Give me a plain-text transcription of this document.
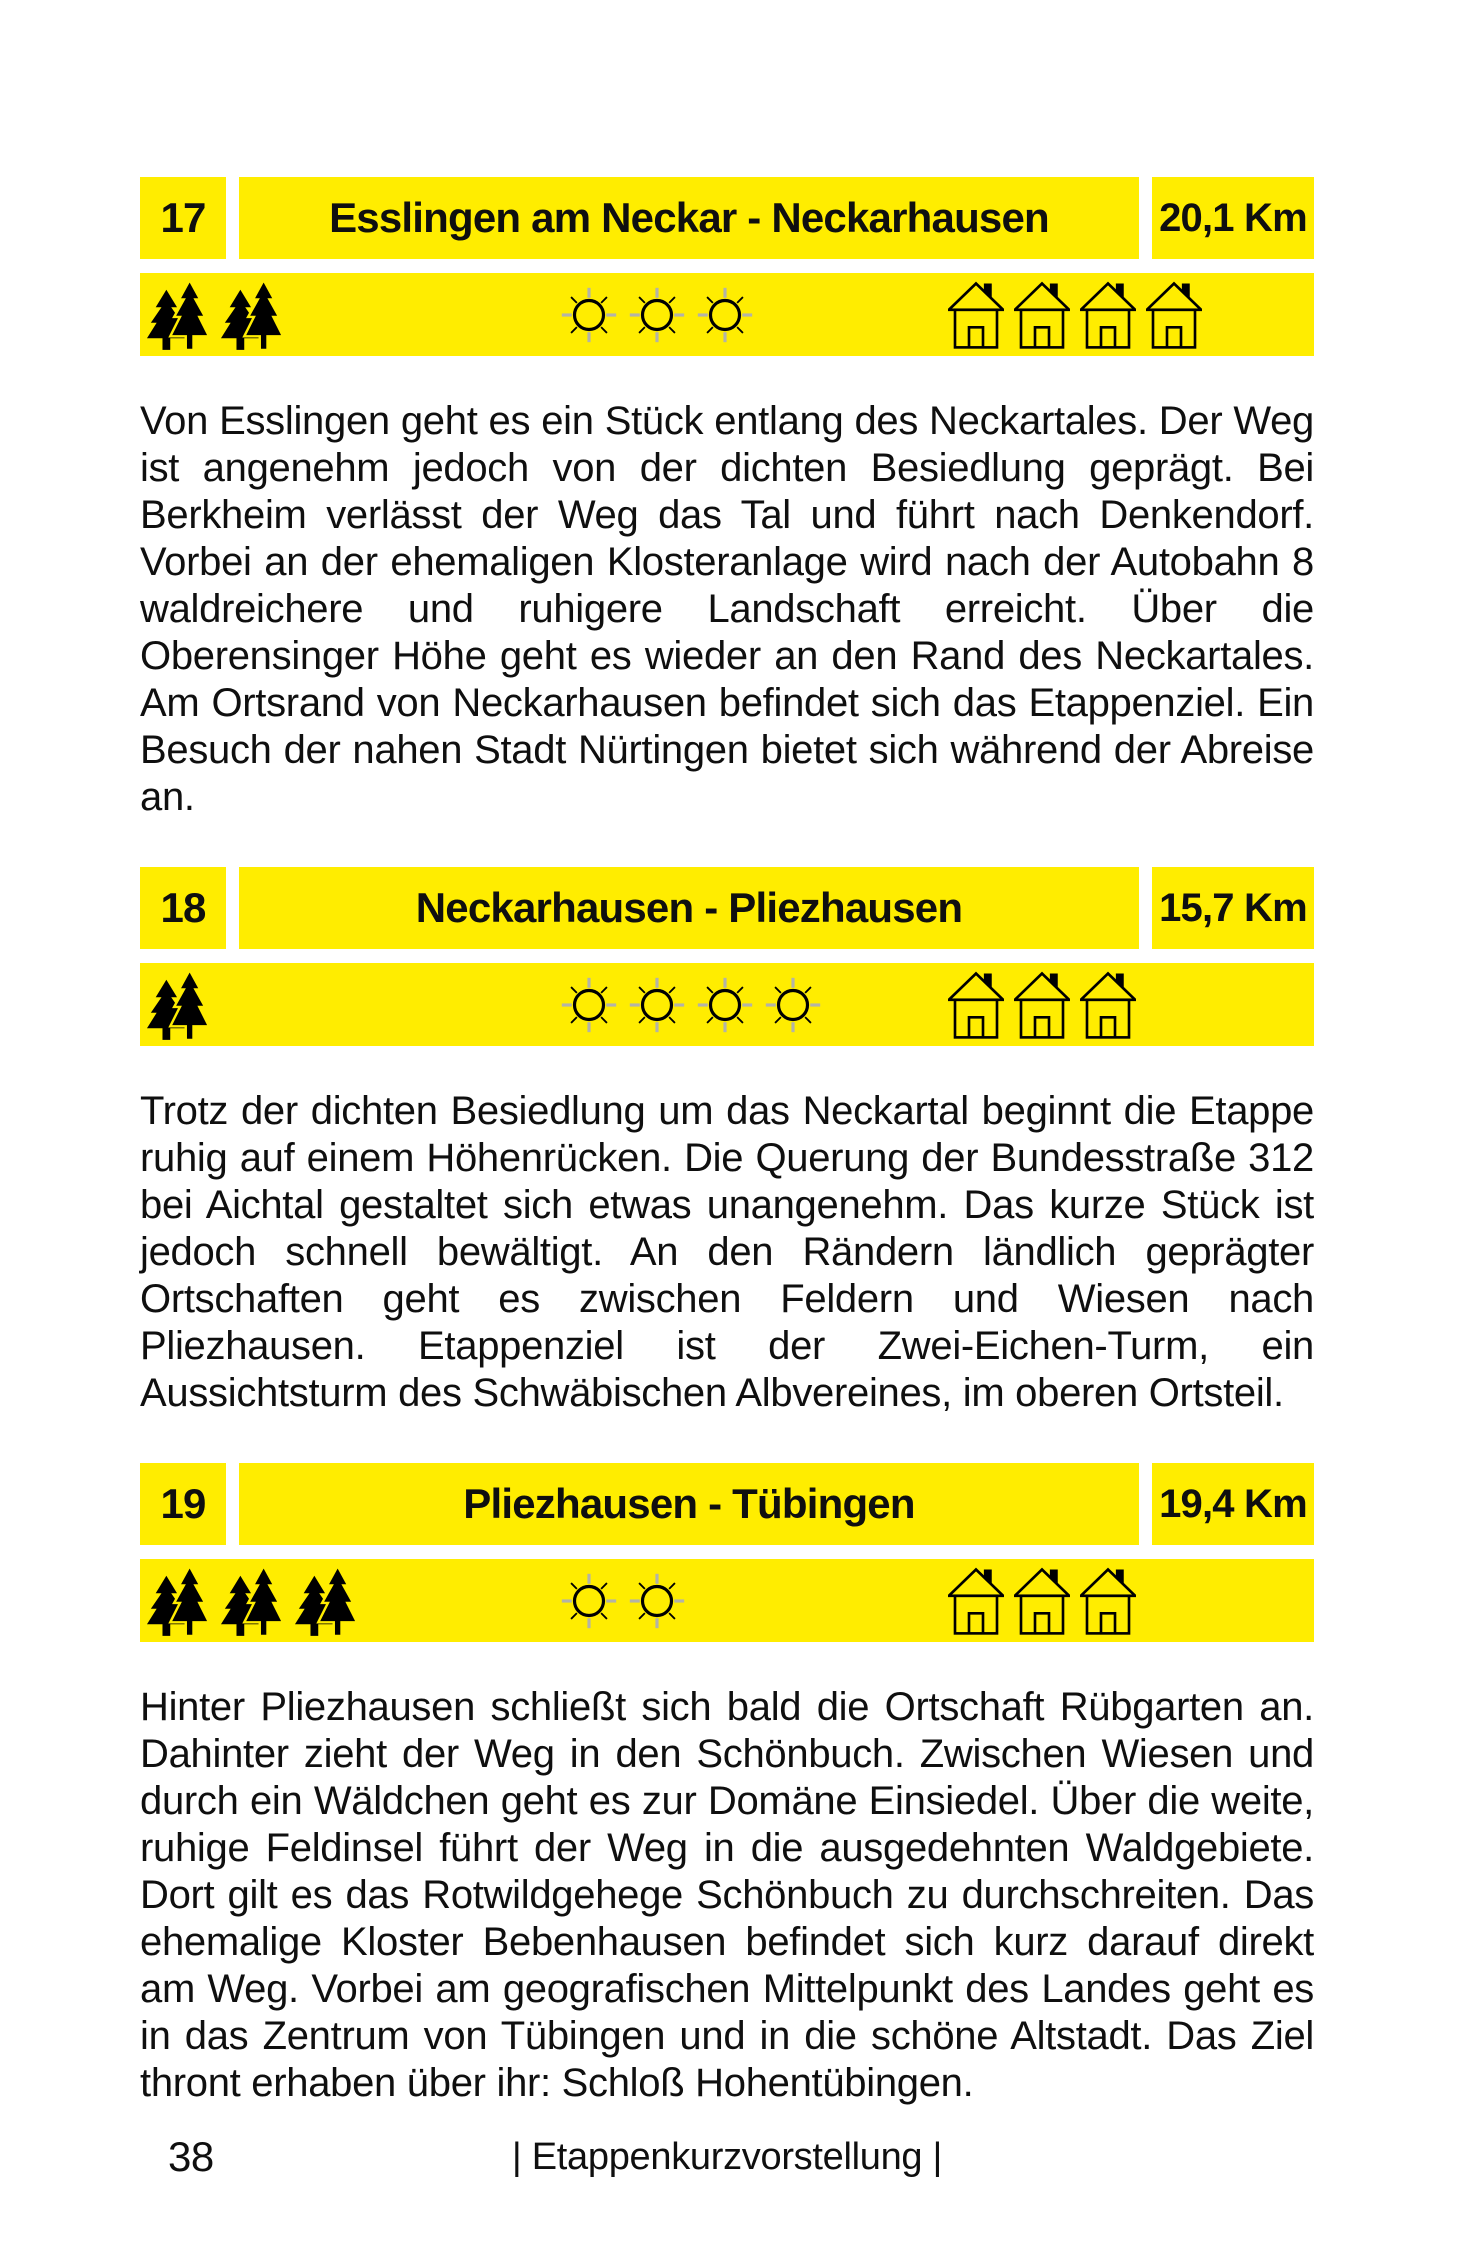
17	Esslingen am Neckar - Neckarhausen	20,1 Km

Von Esslingen geht es ein Stück entlang des Neckartales. Der Weg ist angenehm jedoch von der dichten Besiedlung geprägt. Bei Berkheim verlässt der Weg das Tal und führt nach Denkendorf. Vorbei an der ehemaligen Klosteranlage wird nach der Autobahn 8 waldreichere und ruhigere Landschaft erreicht. Über die Oberensinger Höhe geht es wieder an den Rand des Neckartales. Am Ortsrand von Neckarhausen befindet sich das Etappenziel. Ein Besuch der nahen Stadt Nürtingen bietet sich während der Abreise an.

18	Neckarhausen - Pliezhausen	15,7 Km

Trotz der dichten Besiedlung um das Neckartal beginnt die Etappe ruhig auf einem Höhenrücken. Die Querung der Bundesstraße 312 bei Aichtal gestaltet sich etwas unangenehm. Das kurze Stück ist jedoch schnell bewältigt. An den Rändern ländlich geprägter Ortschaften geht es zwischen Feldern und Wiesen nach Pliezhausen. Etappenziel ist der Zwei-Eichen-Turm, ein Aussichtsturm des Schwäbischen Albvereines, im oberen Ortsteil.

19	Pliezhausen - Tübingen	19,4 Km

Hinter Pliezhausen schließt sich bald die Ortschaft Rübgarten an. Dahinter zieht der Weg in den Schönbuch. Zwischen Wiesen und durch ein Wäldchen geht es zur Domäne Einsiedel. Über die weite, ruhige Feldinsel führt der Weg in die ausgedehnten Waldgebiete. Dort gilt es das Rotwildgehege Schönbuch zu durchschreiten. Das ehemalige Kloster Bebenhausen befindet sich kurz darauf direkt am Weg. Vorbei am geografischen Mittelpunkt des Landes geht es in das Zentrum von Tübingen und in die schöne Altstadt. Das Ziel thront erhaben über ihr: Schloß Hohentübingen.

38	| Etappenkurzvorstellung |
